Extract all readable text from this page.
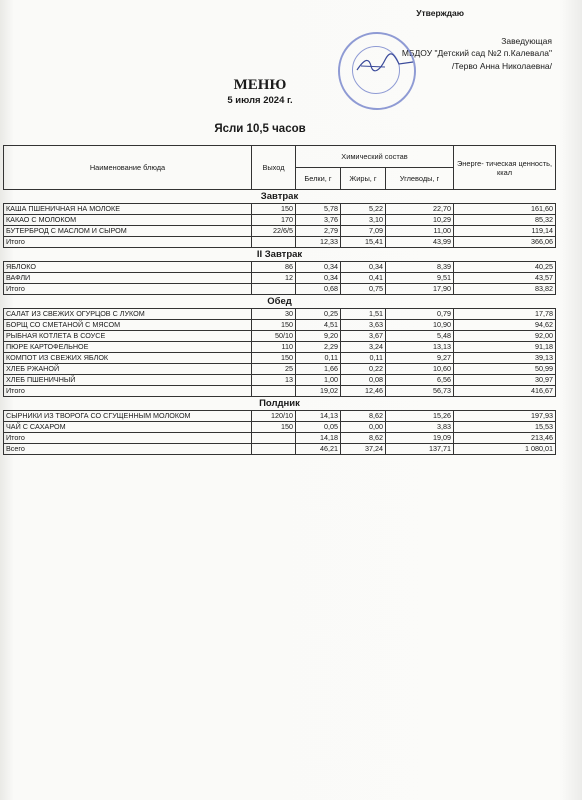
Утверждаю
Заведующая
МБДОУ "Детский сад №2 п.Калевала"
/Терво Анна Николаевна/
МЕНЮ
5 июля 2024 г.
Ясли 10,5 часов
Наименование блюда	Выход	Химический состав			Энерге- тическая ценность, ккал
		Белки, г	Жиры, г	Углеводы, г	
Завтрак					
КАША ПШЕНИЧНАЯ НА МОЛОКЕ	150	5,78	5,22	22,70	161,60
КАКАО С МОЛОКОМ	170	3,76	3,10	10,29	85,32
БУТЕРБРОД С МАСЛОМ И СЫРОМ	22/6/5	2,79	7,09	11,00	119,14
Итого		12,33	15,41	43,99	366,06
II Завтрак					
ЯБЛОКО	86	0,34	0,34	8,39	40,25
ВАФЛИ	12	0,34	0,41	9,51	43,57
Итого		0,68	0,75	17,90	83,82
Обед					
САЛАТ ИЗ СВЕЖИХ ОГУРЦОВ С ЛУКОМ	30	0,25	1,51	0,79	17,78
БОРЩ СО СМЕТАНОЙ С МЯСОМ	150	4,51	3,63	10,90	94,62
РЫБНАЯ КОТЛЕТА В СОУСЕ	50/10	9,20	3,67	5,48	92,00
ПЮРЕ КАРТОФЕЛЬНОЕ	110	2,29	3,24	13,13	91,18
КОМПОТ ИЗ СВЕЖИХ ЯБЛОК	150	0,11	0,11	9,27	39,13
ХЛЕБ РЖАНОЙ	25	1,66	0,22	10,60	50,99
ХЛЕБ ПШЕНИЧНЫЙ	13	1,00	0,08	6,56	30,97
Итого		19,02	12,46	56,73	416,67
Полдник					
СЫРНИКИ ИЗ ТВОРОГА СО СГУЩЕННЫМ МОЛОКОМ	120/10	14,13	8,62	15,26	197,93
ЧАЙ С САХАРОМ	150	0,05	0,00	3,83	15,53
Итого		14,18	8,62	19,09	213,46
Всего		46,21	37,24	137,71	1 080,01
